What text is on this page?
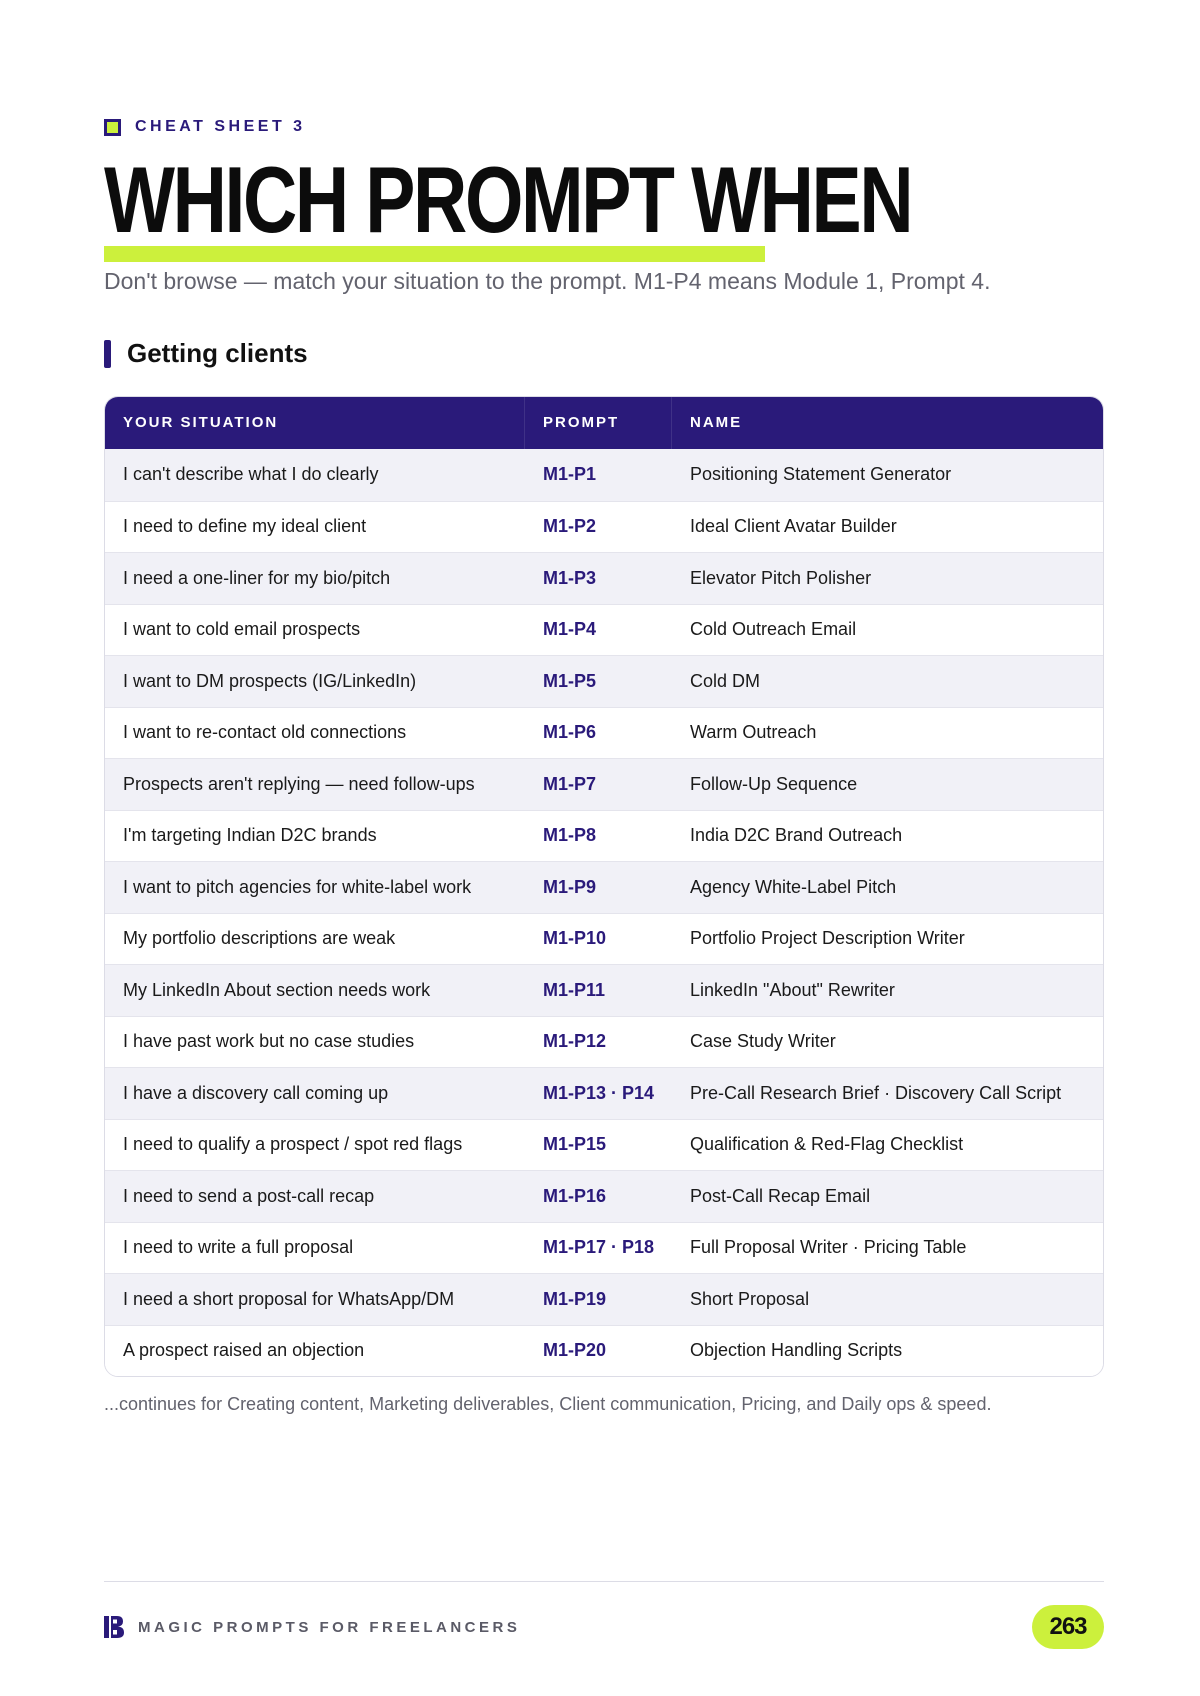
CHEAT SHEET 3
WHICH PROMPT WHEN
Don't browse — match your situation to the prompt. M1-P4 means Module 1, Prompt 4.
Getting clients
YOUR SITUATION	PROMPT	NAME
I can't describe what I do clearly	M1-P1	Positioning Statement Generator
I need to define my ideal client	M1-P2	Ideal Client Avatar Builder
I need a one-liner for my bio/pitch	M1-P3	Elevator Pitch Polisher
I want to cold email prospects	M1-P4	Cold Outreach Email
I want to DM prospects (IG/LinkedIn)	M1-P5	Cold DM
I want to re-contact old connections	M1-P6	Warm Outreach
Prospects aren't replying — need follow-ups	M1-P7	Follow-Up Sequence
I'm targeting Indian D2C brands	M1-P8	India D2C Brand Outreach
I want to pitch agencies for white-label work	M1-P9	Agency White-Label Pitch
My portfolio descriptions are weak	M1-P10	Portfolio Project Description Writer
My LinkedIn About section needs work	M1-P11	LinkedIn "About" Rewriter
I have past work but no case studies	M1-P12	Case Study Writer
I have a discovery call coming up	M1-P13 · P14	Pre-Call Research Brief · Discovery Call Script
I need to qualify a prospect / spot red flags	M1-P15	Qualification & Red-Flag Checklist
I need to send a post-call recap	M1-P16	Post-Call Recap Email
I need to write a full proposal	M1-P17 · P18	Full Proposal Writer · Pricing Table
I need a short proposal for WhatsApp/DM	M1-P19	Short Proposal
A prospect raised an objection	M1-P20	Objection Handling Scripts
...continues for Creating content, Marketing deliverables, Client communication, Pricing, and Daily ops & speed.
MAGIC PROMPTS FOR FREELANCERS	263
